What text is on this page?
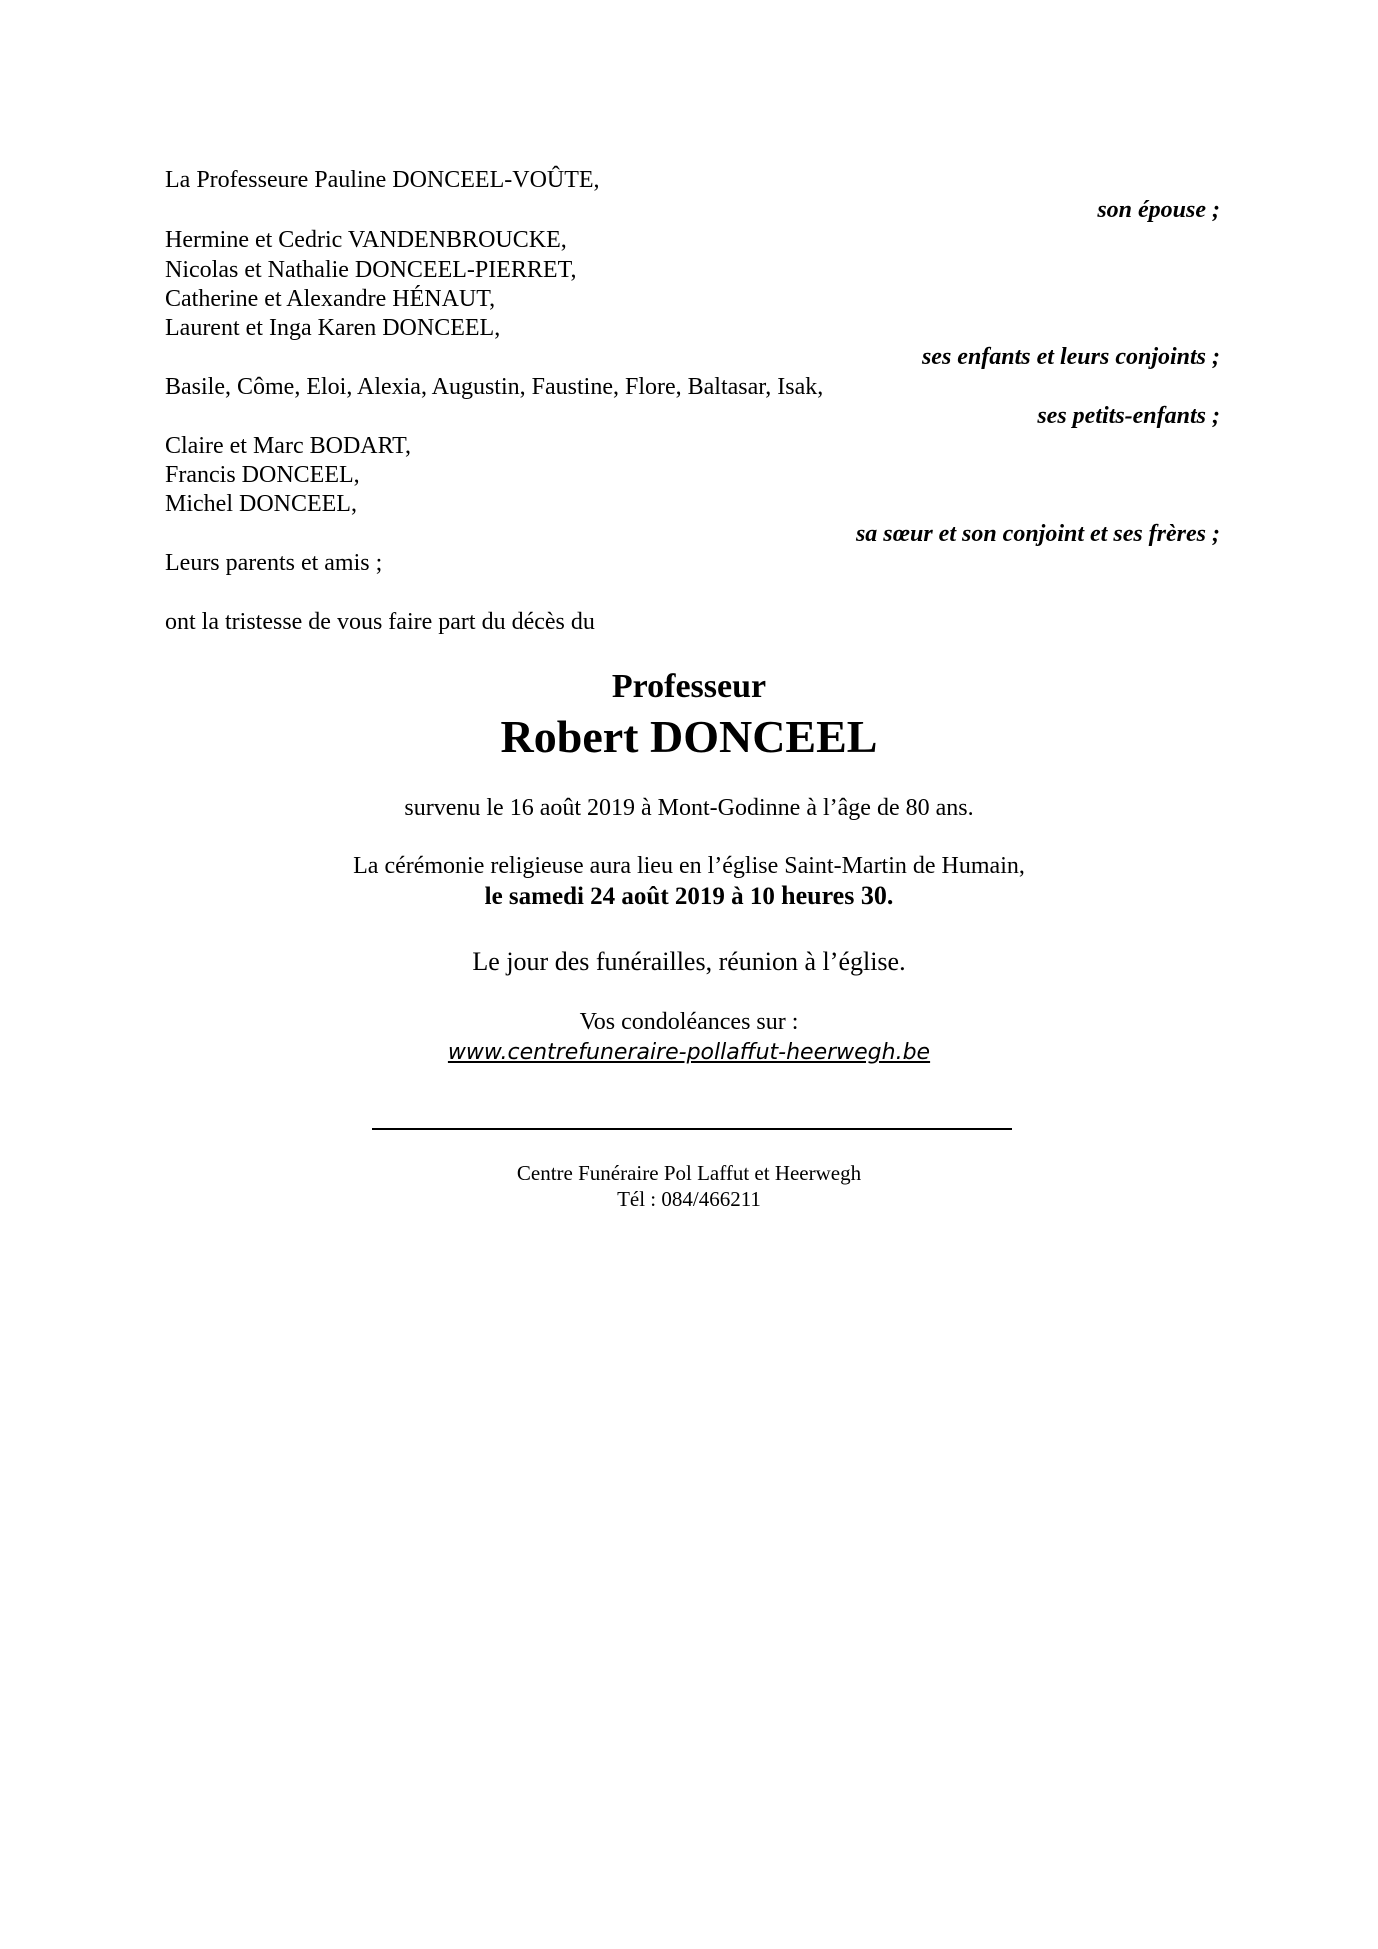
La Professeure Pauline DONCEEL-VOÛTE,
son épouse ;
Hermine et Cedric VANDENBROUCKE,
Nicolas et Nathalie DONCEEL-PIERRET,
Catherine et Alexandre HÉNAUT,
Laurent et Inga Karen DONCEEL,
ses enfants et leurs conjoints ;
Basile, Côme, Eloi, Alexia, Augustin, Faustine, Flore, Baltasar, Isak,
ses petits-enfants ;
Claire et Marc BODART,
Francis DONCEEL,
Michel DONCEEL,
sa sœur et son conjoint et ses frères ;
Leurs parents et amis ;
ont la tristesse de vous faire part du décès du
Professeur
Robert DONCEEL
survenu le 16 août 2019 à Mont-Godinne à l’âge de 80 ans.
La cérémonie religieuse aura lieu en l’église Saint-Martin de Humain,
le samedi 24 août 2019 à 10 heures 30.
Le jour des funérailles, réunion à l’église.
Vos condoléances sur :
www.centrefuneraire-pollaffut-heerwegh.be
Centre Funéraire Pol Laffut et Heerwegh
Tél : 084/466211
